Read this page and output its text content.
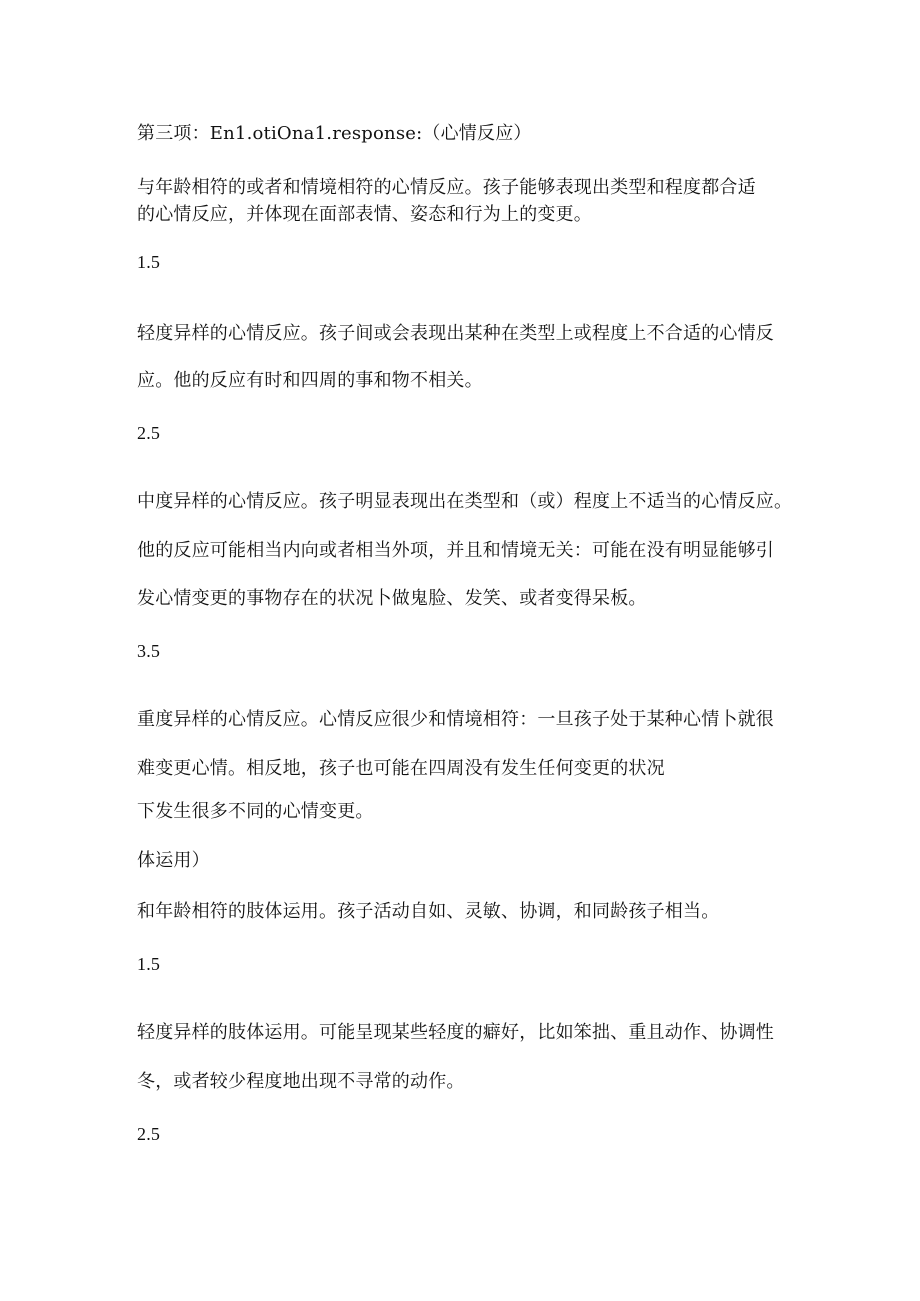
第三项：En1.otiOna1.response:（心情反应）

与年龄相符的或者和情境相符的心情反应。孩子能够表现出类型和程度都合适

的心情反应，并体现在面部表情、姿态和行为上的变更。

1.5

轻度异样的心情反应。孩子间或会表现出某种在类型上或程度上不合适的心情反

应。他的反应有时和四周的事和物不相关。

2.5

中度异样的心情反应。孩子明显表现出在类型和（或）程度上不适当的心情反应。

他的反应可能相当内向或者相当外项，并且和情境无关：可能在没有明显能够引

发心情变更的事物存在的状况卜做鬼脸、发笑、或者变得呆板。

3.5

重度异样的心情反应。心情反应很少和情境相符：一旦孩子处于某种心情卜就很

难变更心情。相反地，孩子也可能在四周没有发生任何变更的状况

下发生很多不同的心情变更。

体运用）

和年龄相符的肢体运用。孩子活动自如、灵敏、协调，和同龄孩子相当。

1.5

轻度异样的肢体运用。可能呈现某些轻度的癖好，比如笨拙、重且动作、协调性

冬，或者较少程度地出现不寻常的动作。

2.5
